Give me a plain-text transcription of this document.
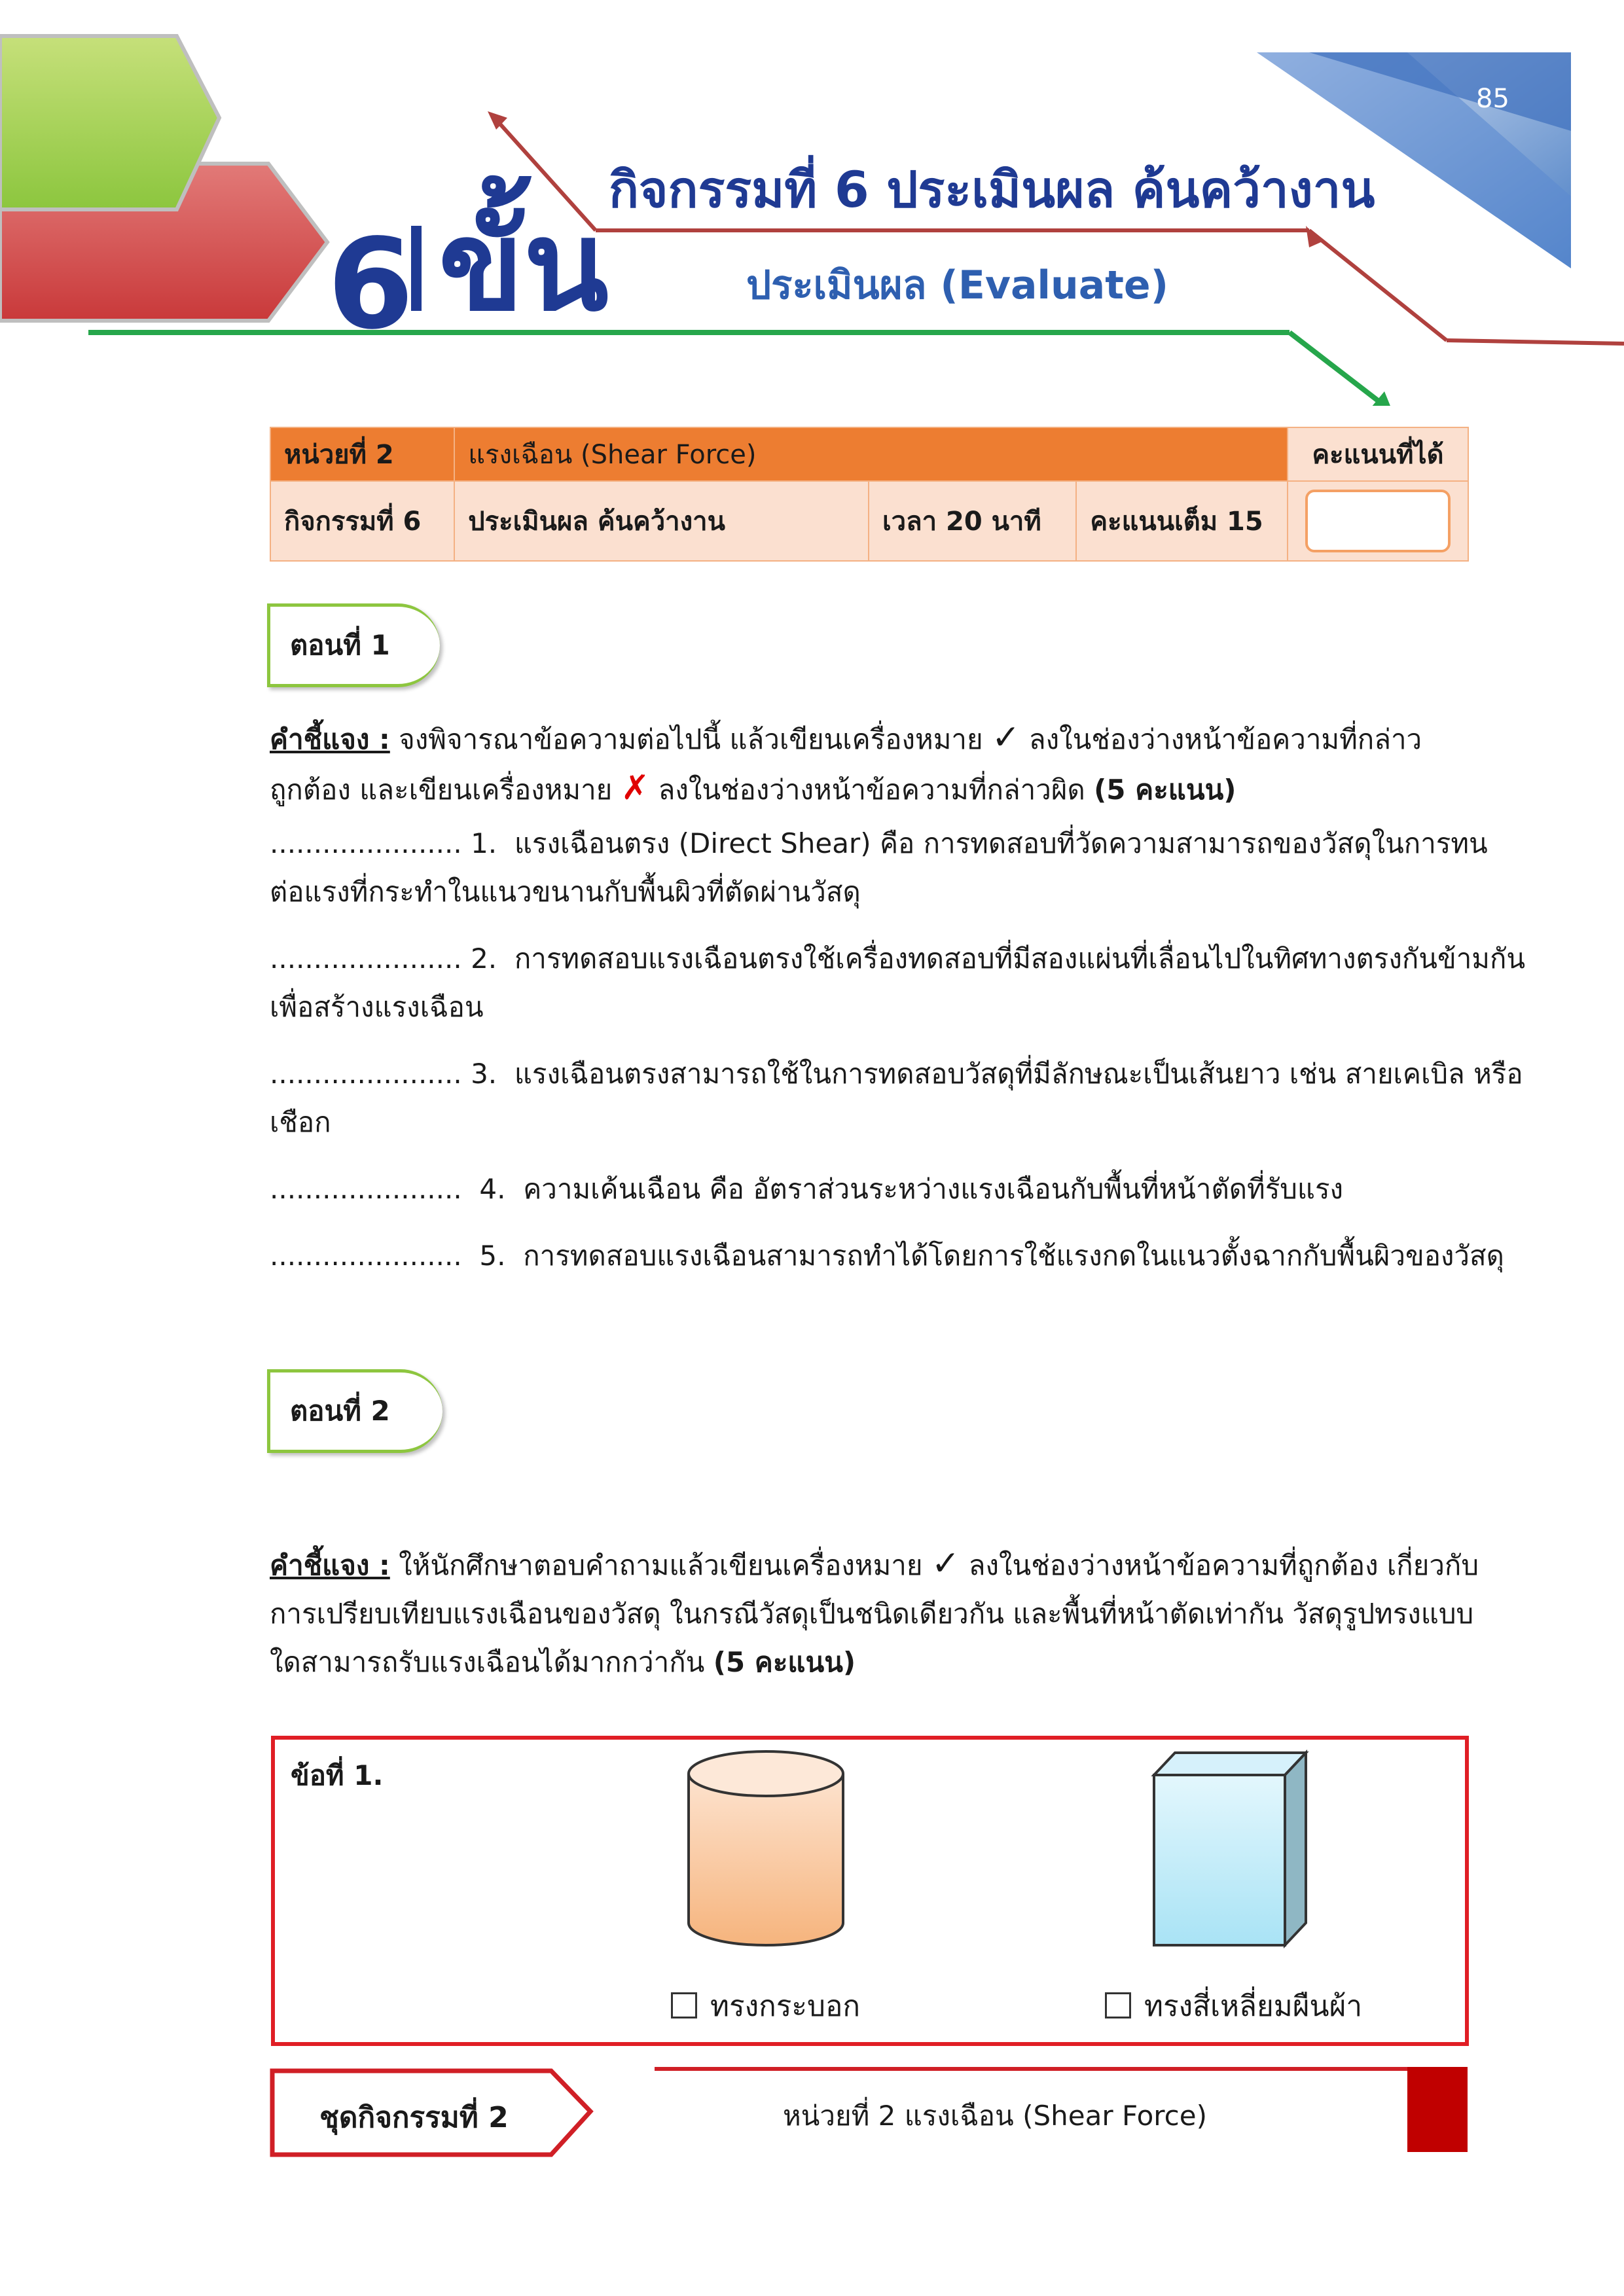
85
6 ขั้น
กิจกรรมที่ 6 ประเมินผล ค้นคว้างาน
ประเมินผล (Evaluate)
หน่วยที่ 2	แรงเฉือน (Shear Force)			คะแนนที่ได้
กิจกรรมที่ 6	ประเมินผล ค้นคว้างาน	เวลา 20 นาที	คะแนนเต็ม 15	
ตอนที่ 1
คำชี้แจง : จงพิจารณาข้อความต่อไปนี้ แล้วเขียนเครื่องหมาย ✓ ลงในช่องว่างหน้าข้อความที่กล่าว
ถูกต้อง และเขียนเครื่องหมาย ✗ ลงในช่องว่างหน้าข้อความที่กล่าวผิด (5 คะแนน)
...................... 1. แรงเฉือนตรง (Direct Shear) คือ การทดสอบที่วัดความสามารถของวัสดุในการทน
ต่อแรงที่กระทำในแนวขนานกับพื้นผิวที่ตัดผ่านวัสดุ
...................... 2. การทดสอบแรงเฉือนตรงใช้เครื่องทดสอบที่มีสองแผ่นที่เลื่อนไปในทิศทางตรงกันข้ามกัน
เพื่อสร้างแรงเฉือน
...................... 3. แรงเฉือนตรงสามารถใช้ในการทดสอบวัสดุที่มีลักษณะเป็นเส้นยาว เช่น สายเคเบิล หรือ
เชือก
...................... 4. ความเค้นเฉือน คือ อัตราส่วนระหว่างแรงเฉือนกับพื้นที่หน้าตัดที่รับแรง
...................... 5. การทดสอบแรงเฉือนสามารถทำได้โดยการใช้แรงกดในแนวตั้งฉากกับพื้นผิวของวัสดุ
ตอนที่ 2
คำชี้แจง : ให้นักศึกษาตอบคำถามแล้วเขียนเครื่องหมาย ✓ ลงในช่องว่างหน้าข้อความที่ถูกต้อง เกี่ยวกับ
การเปรียบเทียบแรงเฉือนของวัสดุ ในกรณีวัสดุเป็นชนิดเดียวกัน และพื้นที่หน้าตัดเท่ากัน วัสดุรูปทรงแบบ
ใดสามารถรับแรงเฉือนได้มากกว่ากัน (5 คะแนน)
ข้อที่ 1.
ทรงกระบอก	ทรงสี่เหลี่ยมผืนผ้า
ชุดกิจกรรมที่ 2	หน่วยที่ 2 แรงเฉือน (Shear Force)
